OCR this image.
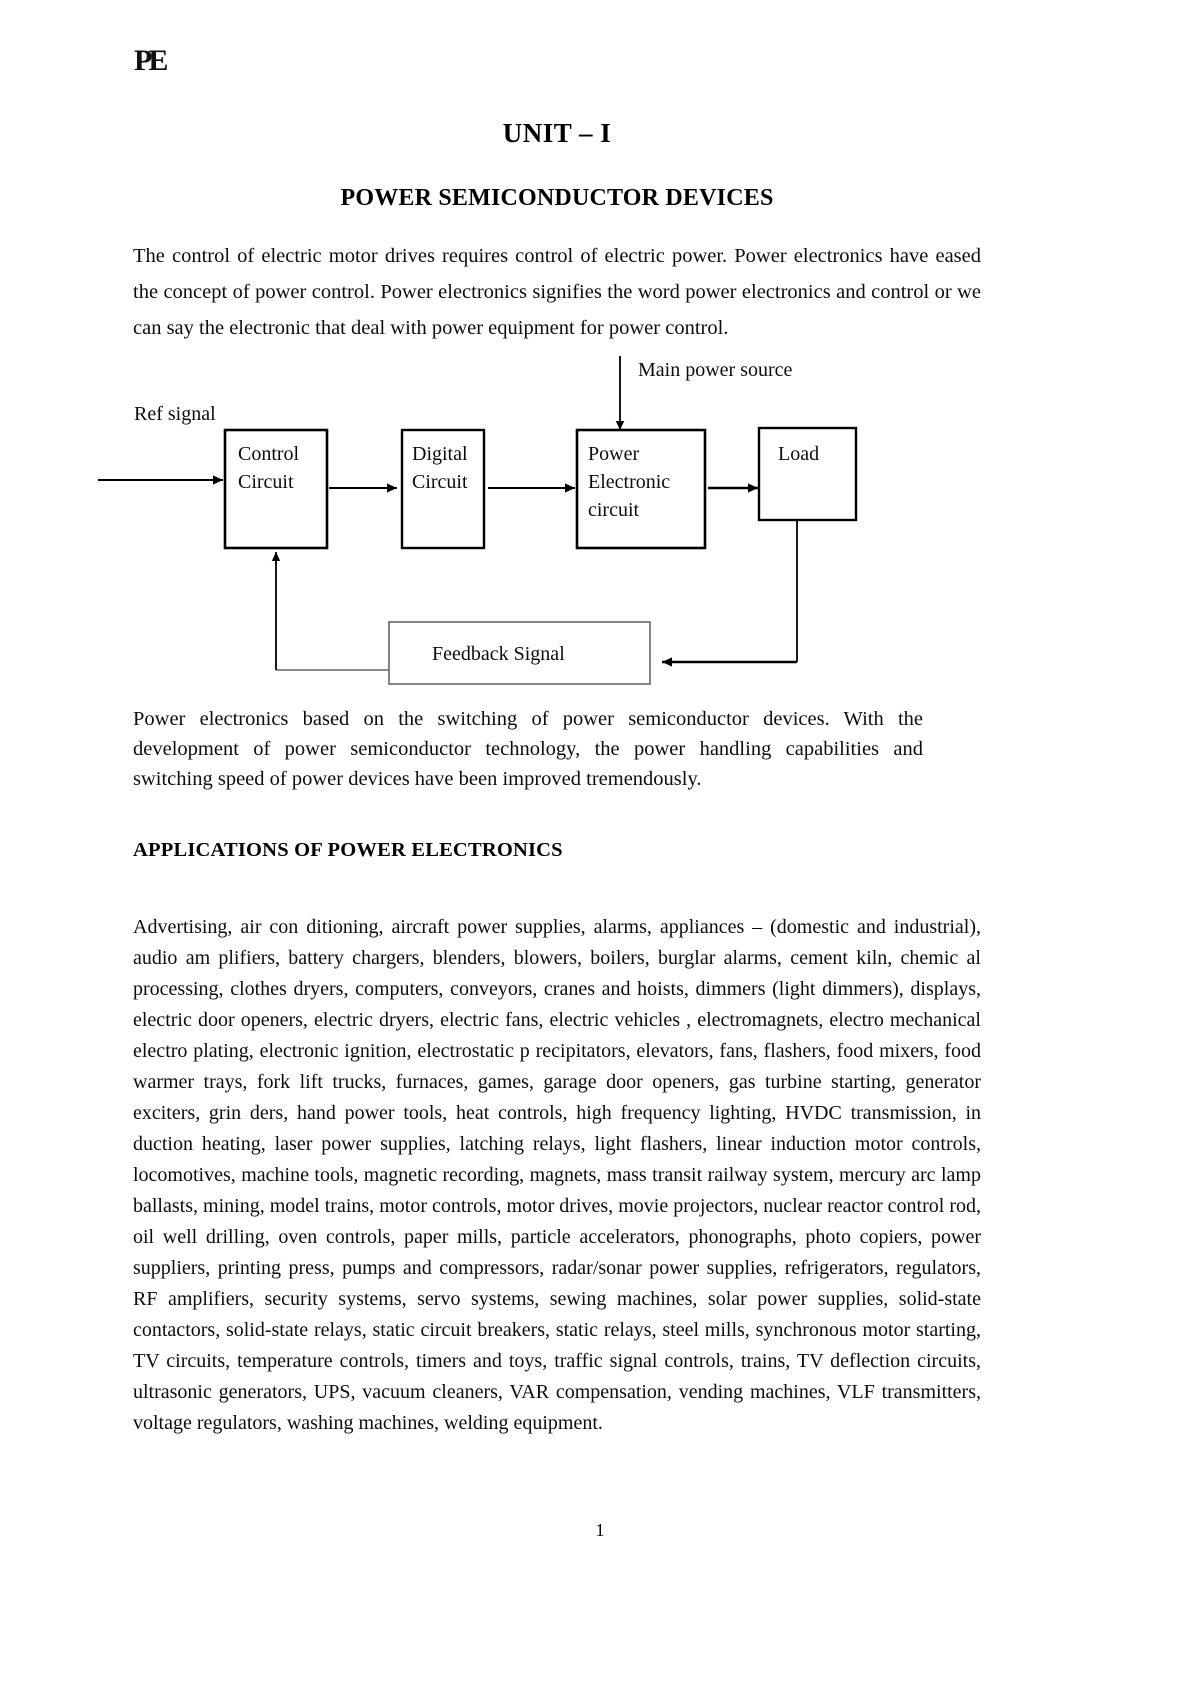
PE
UNIT – I
POWER SEMICONDUCTOR DEVICES
The control of electric motor drives requires control of electric power. Power electronics have eased the concept of power control. Power electronics signifies the word power electronics and control or we can say the electronic that deal with power equipment for power control.
Main power source
Ref signal
Control
Circuit
Digital
Circuit
Power
Electronic
circuit
Load
Feedback Signal
Power electronics based on the switching of power semiconductor devices. With the development of power semiconductor technology, the power handling capabilities and switching speed of power devices have been improved tremendously.
APPLICATIONS OF POWER ELECTRONICS
Advertising, air con ditioning, aircraft power supplies, alarms, appliances – (domestic and industrial), audio am plifiers, battery chargers, blenders, blowers, boilers, burglar alarms, cement kiln, chemic al processing, clothes dryers, computers, conveyors, cranes and hoists, dimmers (light dimmers), displays, electric door openers, electric dryers, electric fans, electric vehicles , electromagnets, electro mechanical electro plating, electronic ignition, electrostatic p recipitators, elevators, fans, flashers, food mixers, food warmer trays, fork lift trucks, furnaces, games, garage door openers, gas turbine starting, generator exciters, grin ders, hand power tools, heat controls, high frequency lighting, HVDC transmission, in duction heating, laser power supplies, latching relays, light flashers, linear induction motor controls, locomotives, machine tools, magnetic recording, magnets, mass transit railway system, mercury arc lamp ballasts, mining, model trains, motor controls, motor drives, movie projectors, nuclear reactor control rod, oil well drilling, oven controls, paper mills, particle accelerators, phonographs, photo copiers, power suppliers, printing press, pumps and compressors, radar/sonar power supplies, refrigerators, regulators, RF amplifiers, security systems, servo systems, sewing machines, solar power supplies, solid-state contactors, solid-state relays, static circuit breakers, static relays, steel mills, synchronous motor starting, TV circuits, temperature controls, timers and toys, traffic signal controls, trains, TV deflection circuits, ultrasonic generators, UPS, vacuum cleaners, VAR compensation, vending machines, VLF transmitters, voltage regulators, washing machines, welding equipment.
1
